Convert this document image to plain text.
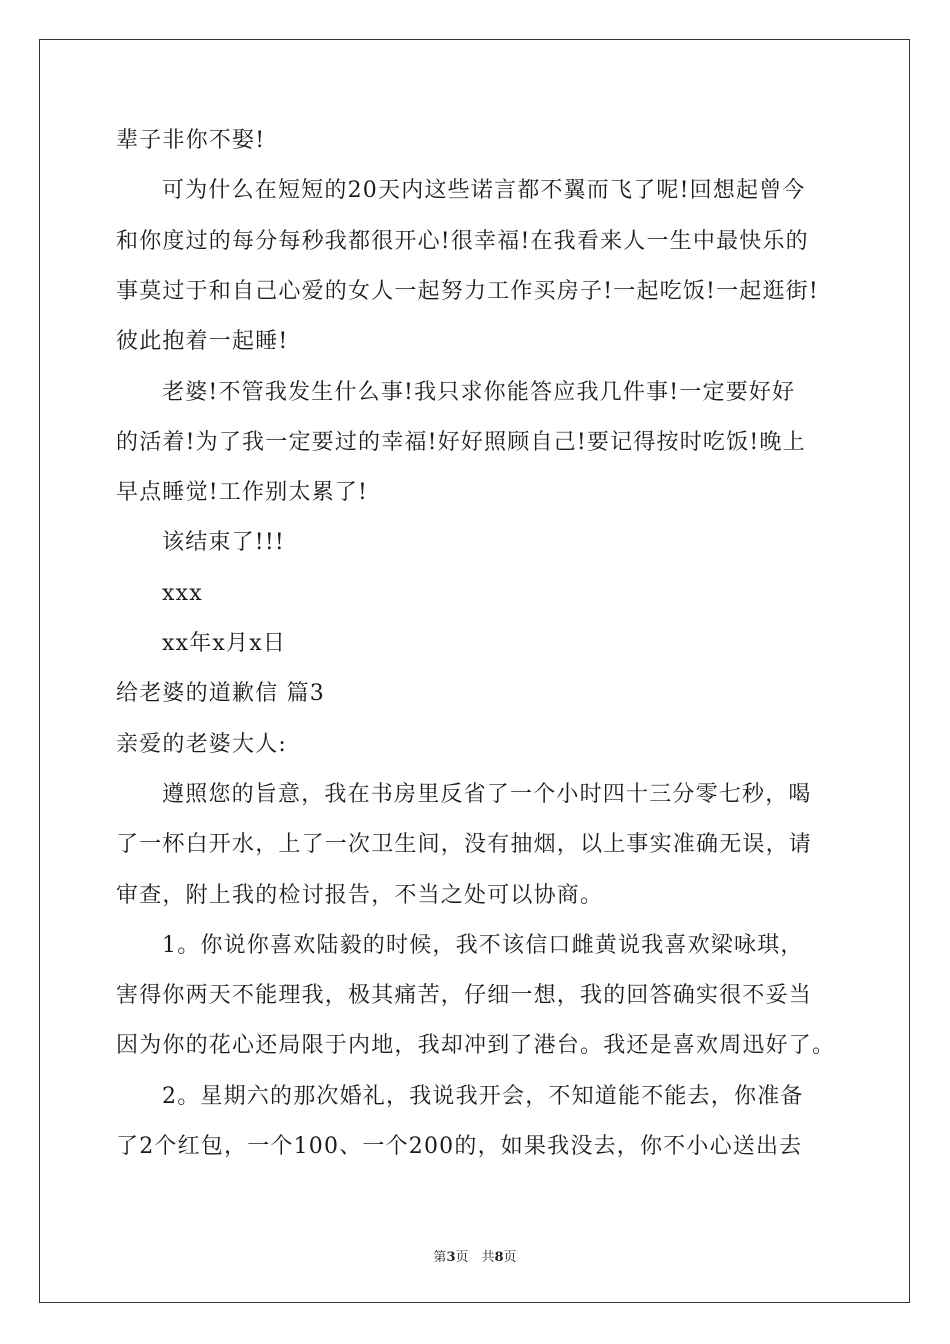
辈子非你不娶!
可为什么在短短的20天内这些诺言都不翼而飞了呢!回想起曾今
和你度过的每分每秒我都很开心!很幸福!在我看来人一生中最快乐的
事莫过于和自己心爱的女人一起努力工作买房子!一起吃饭!一起逛街!
彼此抱着一起睡!
老婆!不管我发生什么事!我只求你能答应我几件事!一定要好好
的活着!为了我一定要过的幸福!好好照顾自己!要记得按时吃饭!晚上
早点睡觉!工作别太累了!
该结束了!!!
xxx
xx年x月x日
给老婆的道歉信 篇3
亲爱的老婆大人:
遵照您的旨意，我在书房里反省了一个小时四十三分零七秒，喝
了一杯白开水，上了一次卫生间，没有抽烟，以上事实准确无误，请
审查，附上我的检讨报告，不当之处可以协商。
1。你说你喜欢陆毅的时候，我不该信口雌黄说我喜欢梁咏琪，
害得你两天不能理我，极其痛苦，仔细一想，我的回答确实很不妥当
因为你的花心还局限于内地，我却冲到了港台。我还是喜欢周迅好了。
2。星期六的那次婚礼，我说我开会，不知道能不能去，你准备
了2个红包，一个100、一个200的，如果我没去，你不小心送出去
第3页　共8页
